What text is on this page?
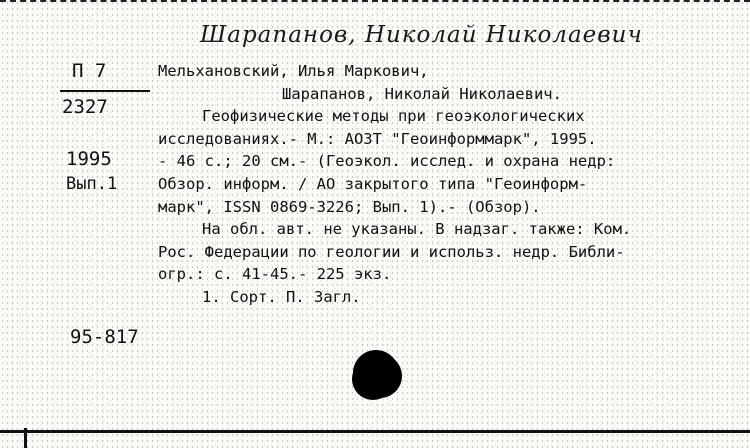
Шарапанов, Николай Николаевич
П 7
2327
1995
Вып.1
95-817
Мельхановский, Илья Маркович,
Шарапанов, Николай Николаевич.
Геофизические методы при геоэкологических
исследованиях.- М.: АОЗТ "Геоинформмарк", 1995.
- 46 с.; 20 см.- (Геоэкол. исслед. и охрана недр:
Обзор. информ. / АО закрытого типа "Геоинформ-
марк", ISSN 0869-3226; Вып. 1).- (Обзор).
На обл. авт. не указаны. В надзаг. также: Ком.
Рос. Федерации по геологии и использ. недр. Библи-
огр.: с. 41-45.- 225 экз.
1. Сорт. П. Загл.
